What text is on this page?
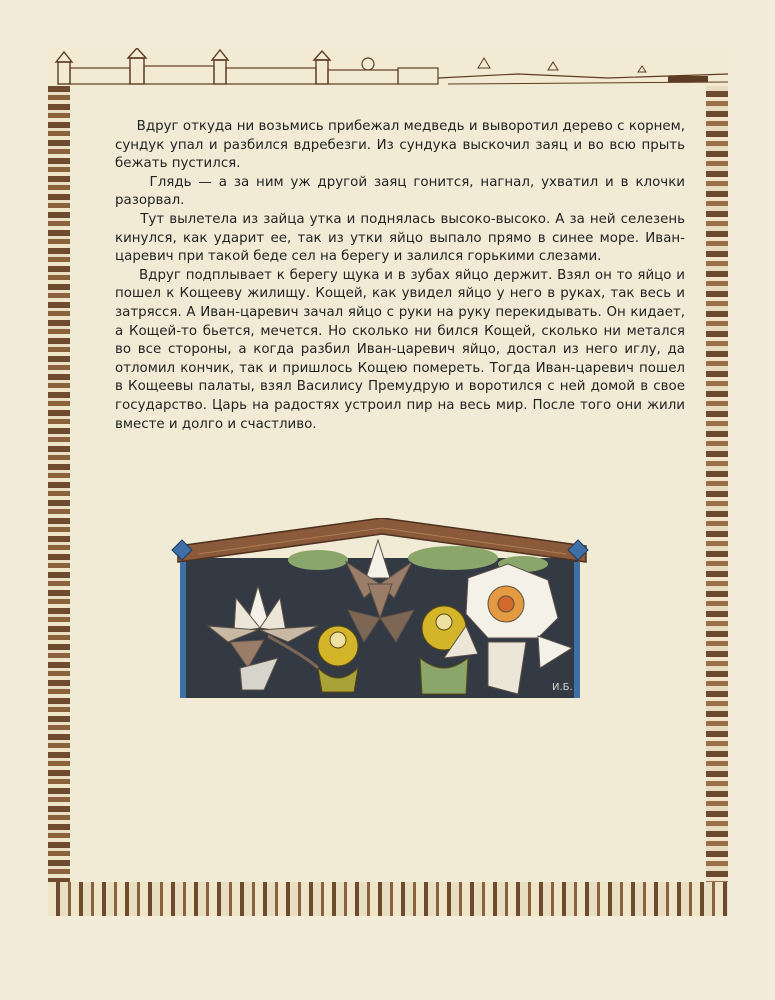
Вдруг откуда ни возьмись прибежал медведь и выворотил дерево с корнем, сундук упал и разбился вдребезги. Из сундука выскочил заяц и во всю прыть бежать пустился.

Глядь — а за ним уж другой заяц гонится, нагнал, ухватил и в клочки разорвал.

Тут вылетела из зайца утка и поднялась высоко-высоко. А за ней селезень кинулся, как ударит ее, так из утки яйцо выпало прямо в синее море. Иван-царевич при такой беде сел на берегу и залился горькими слезами.

Вдруг подплывает к берегу щука и в зубах яйцо держит. Взял он то яйцо и пошел к Кощееву жилищу. Кощей, как увидел яйцо у него в руках, так весь и затрясся. А Иван-царевич зачал яйцо с руки на руку перекидывать. Он кидает, а Кощей-то бьется, мечется. Но сколько ни бился Кощей, сколько ни метался во все стороны, а когда разбил Иван-царевич яйцо, достал из него иглу, да отломил кончик, так и пришлось Кощею помереть. Тогда Иван-царевич пошел в Кощеевы палаты, взял Василису Премудрую и воротился с ней домой в свое государство. Царь на радостях устроил пир на весь мир. После того они жили вместе и долго и счастливо.

И.Б.
